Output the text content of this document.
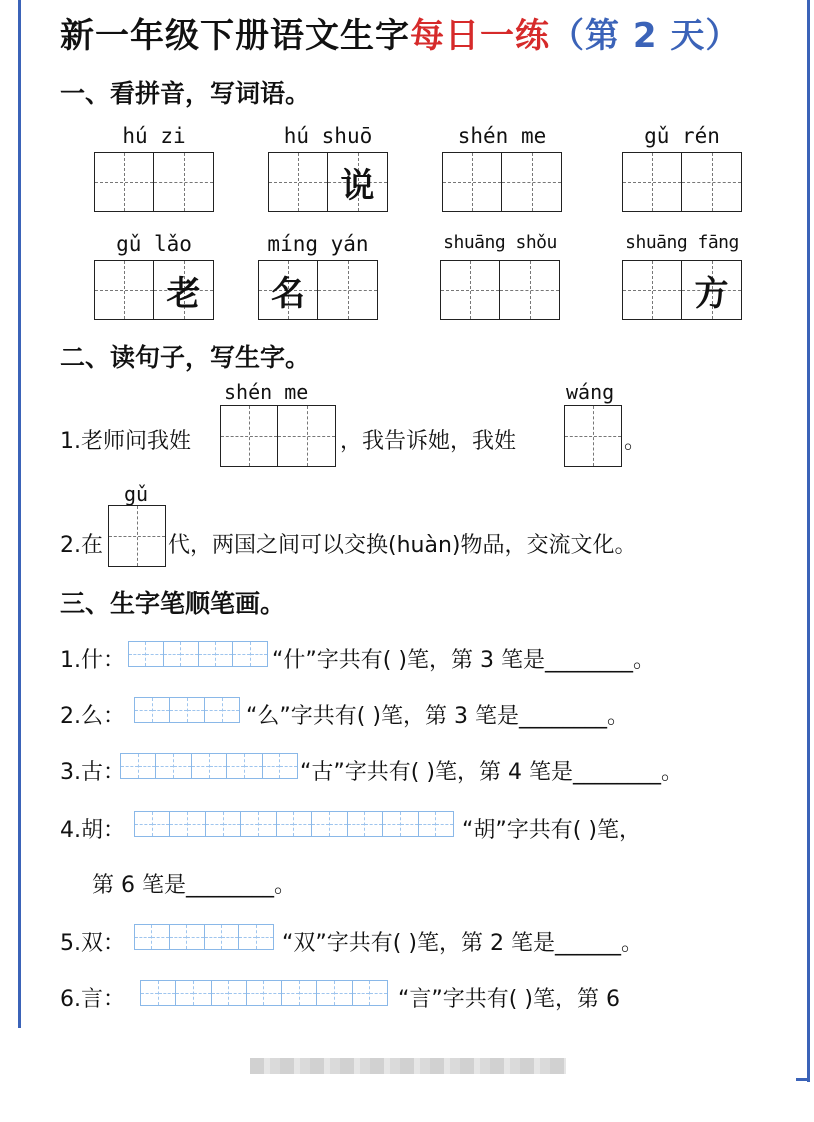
新一年级下册语文生字每日一练（第 2 天）
一、看拼音，写词语。
hú zi	hú shuō
说
shén me	gǔ rén
gǔ lǎo
老
míng yán
名
shuāng shǒu	shuāng fāng
方
二、读句子，写生字。
shén me
1.老师问我姓	，我告诉她，我姓
wáng
。
gǔ
2.在	代，两国之间可以交换(huàn)物品，交流文化。
三、生字笔顺笔画。
1.什：	“什”字共有( )笔，第 3 笔是________。
2.么：	“么”字共有( )笔，第 3 笔是________。
3.古：	“古”字共有( )笔，第 4 笔是________。
4.胡：	“胡”字共有( )笔，
第 6 笔是________。
5.双：	“双”字共有( )笔，第 2 笔是______。
6.言：	“言”字共有( )笔，第 6
